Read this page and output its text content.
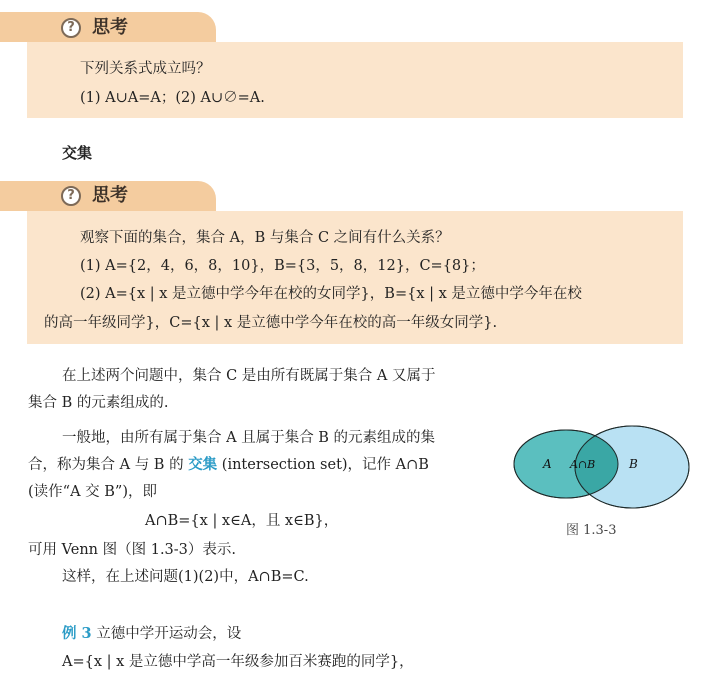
? 思考
下列关系式成立吗？
(1) A∪A=A；(2) A∪∅=A.
交集
? 思考
观察下面的集合，集合 A，B 与集合 C 之间有什么关系？
(1) A={2，4，6，8，10}，B={3，5，8，12}，C={8}；
(2) A={x | x 是立德中学今年在校的女同学}，B={x | x 是立德中学今年在校
的高一年级同学}，C={x | x 是立德中学今年在校的高一年级女同学}.
在上述两个问题中，集合 C 是由所有既属于集合 A 又属于
集合 B 的元素组成的.
一般地，由所有属于集合 A 且属于集合 B 的元素组成的集
合，称为集合 A 与 B 的 交集 (intersection set)，记作 A∩B
(读作“A 交 B”)，即
A∩B={x | x∈A，且 x∈B}，
可用 Venn 图（图 1.3-3）表示.
这样，在上述问题(1)(2)中，A∩B=C.
例 3 立德中学开运动会，设
A={x | x 是立德中学高一年级参加百米赛跑的同学}，
A A∩B	B
图 1.3-3
